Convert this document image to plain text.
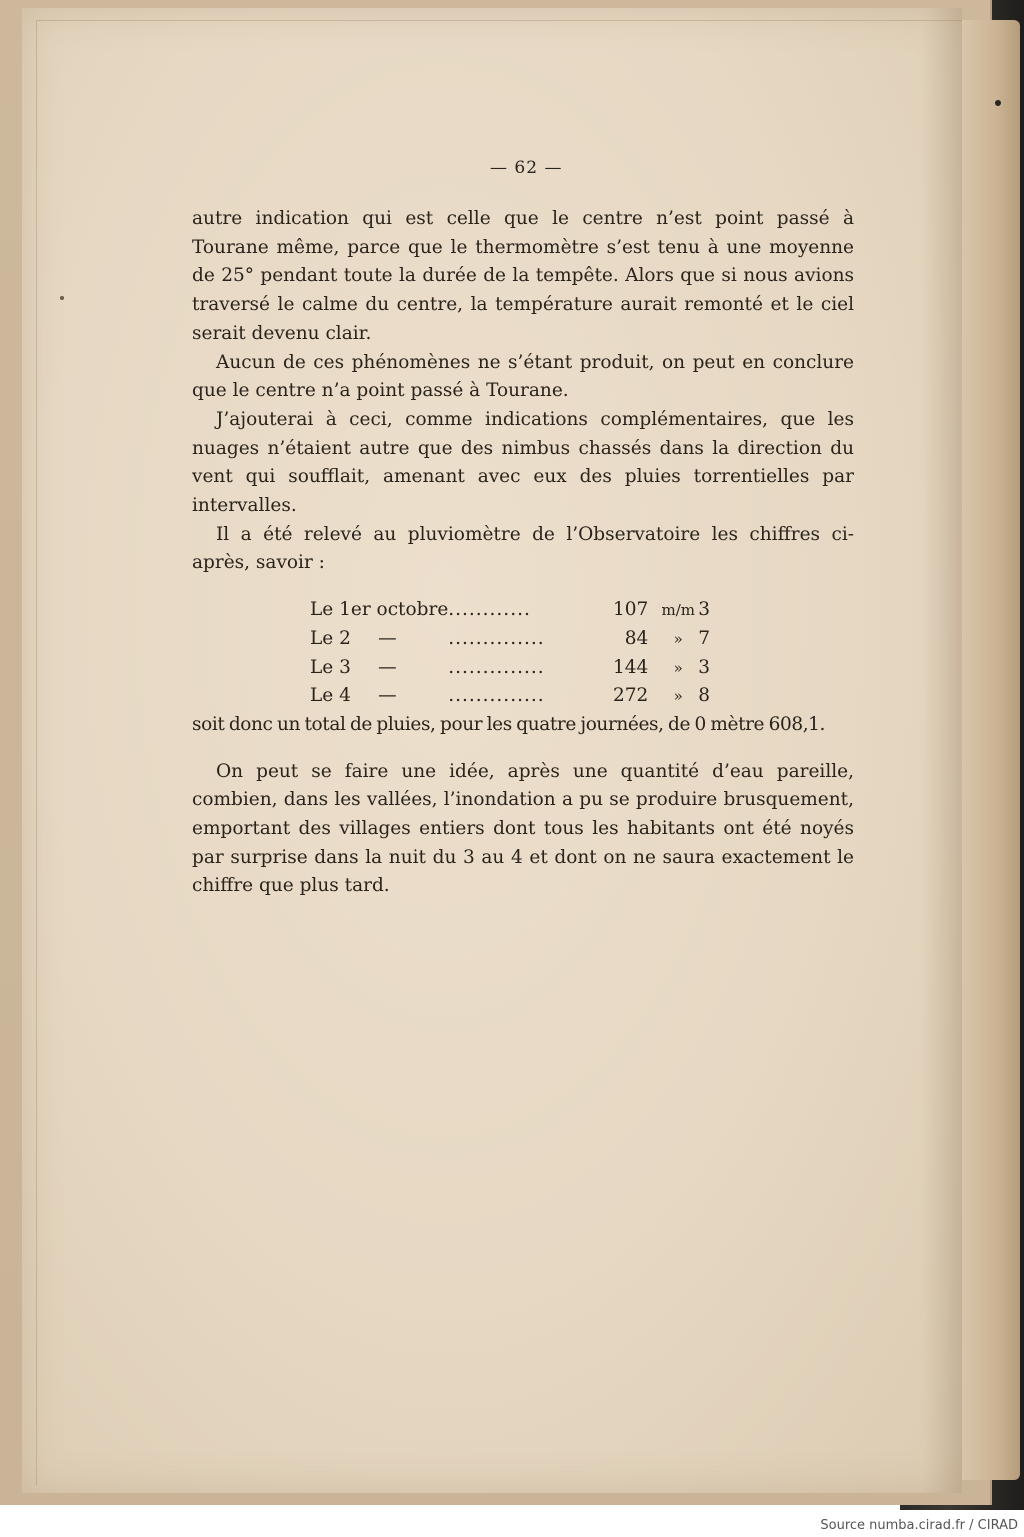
— 62 —

autre indication qui est celle que le centre n’est point passé à Tourane même, parce que le thermomètre s’est tenu à une moyenne de 25° pendant toute la durée de la tempête. Alors que si nous avions traversé le calme du centre, la température aurait remonté et le ciel serait devenu clair.

Aucun de ces phénomènes ne s’étant produit, on peut en conclure que le centre n’a point passé à Tourane.

J’ajouterai à ceci, comme indications complémentaires, que les nuages n’étaient autre que des nimbus chassés dans la direction du vent qui soufflait, amenant avec eux des pluies torrentielles par intervalles.

Il a été relevé au pluviomètre de l’Observatoire les chiffres ci-après, savoir :

Le 1er octobre		............	107	m/m	3
Le 2	—	..............	84	»	7
Le 3	—	..............	144	»	3
Le 4	—	..............	272	»	8

soit donc un total de pluies, pour les quatre journées, de 0 mètre 608,1.

On peut se faire une idée, après une quantité d’eau pareille, combien, dans les vallées, l’inondation a pu se produire brusquement, emportant des villages entiers dont tous les habitants ont été noyés par surprise dans la nuit du 3 au 4 et dont on ne saura exactement le chiffre que plus tard.

Source numba.cirad.fr / CIRAD
